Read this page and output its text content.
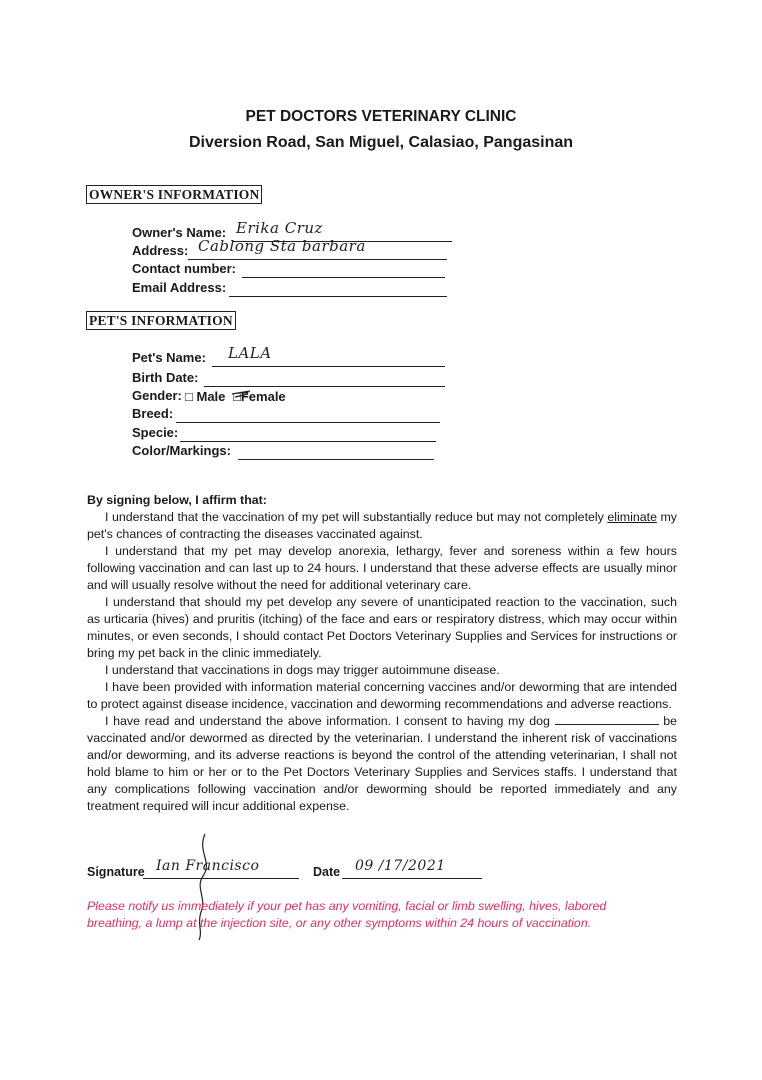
PET DOCTORS VETERINARY CLINIC
Diversion Road, San Miguel, Calasiao, Pangasinan
OWNER'S INFORMATION
Owner's Name: Erika Cruz
Address: Cablong Sta barbara
Contact number:
Email Address:
PET'S INFORMATION
Pet's Name: LALA
Birth Date:
Gender: □ Male □Female
Breed:
Specie:
Color/Markings:

By signing below, I affirm that:

I understand that the vaccination of my pet will substantially reduce but may not completely eliminate my pet's chances of contracting the diseases vaccinated against.

I understand that my pet may develop anorexia, lethargy, fever and soreness within a few hours following vaccination and can last up to 24 hours. I understand that these adverse effects are usually minor and will usually resolve without the need for additional veterinary care.

I understand that should my pet develop any severe of unanticipated reaction to the vaccination, such as urticaria (hives) and pruritis (itching) of the face and ears or respiratory distress, which may occur within minutes, or even seconds, I should contact Pet Doctors Veterinary Supplies and Services for instructions or bring my pet back in the clinic immediately.

I understand that vaccinations in dogs may trigger autoimmune disease.

I have been provided with information material concerning vaccines and/or deworming that are intended to protect against disease incidence, vaccination and deworming recommendations and adverse reactions.

I have read and understand the above information. I consent to having my dog	be vaccinated and/or dewormed as directed by the veterinarian. I understand the inherent risk of vaccinations and/or deworming, and its adverse reactions is beyond the control of the attending veterinarian, I shall not hold blame to him or her or to the Pet Doctors Veterinary Supplies and Services staffs. I understand that any complications following vaccination and/or deworming should be reported immediately and any treatment required will incur additional expense.

Signature Ian Francisco	Date 09 /17/2021
Please notify us immediately if your pet has any vomiting, facial or limb swelling, hives, labored breathing, a lump at the injection site, or any other symptoms within 24 hours of vaccination.
